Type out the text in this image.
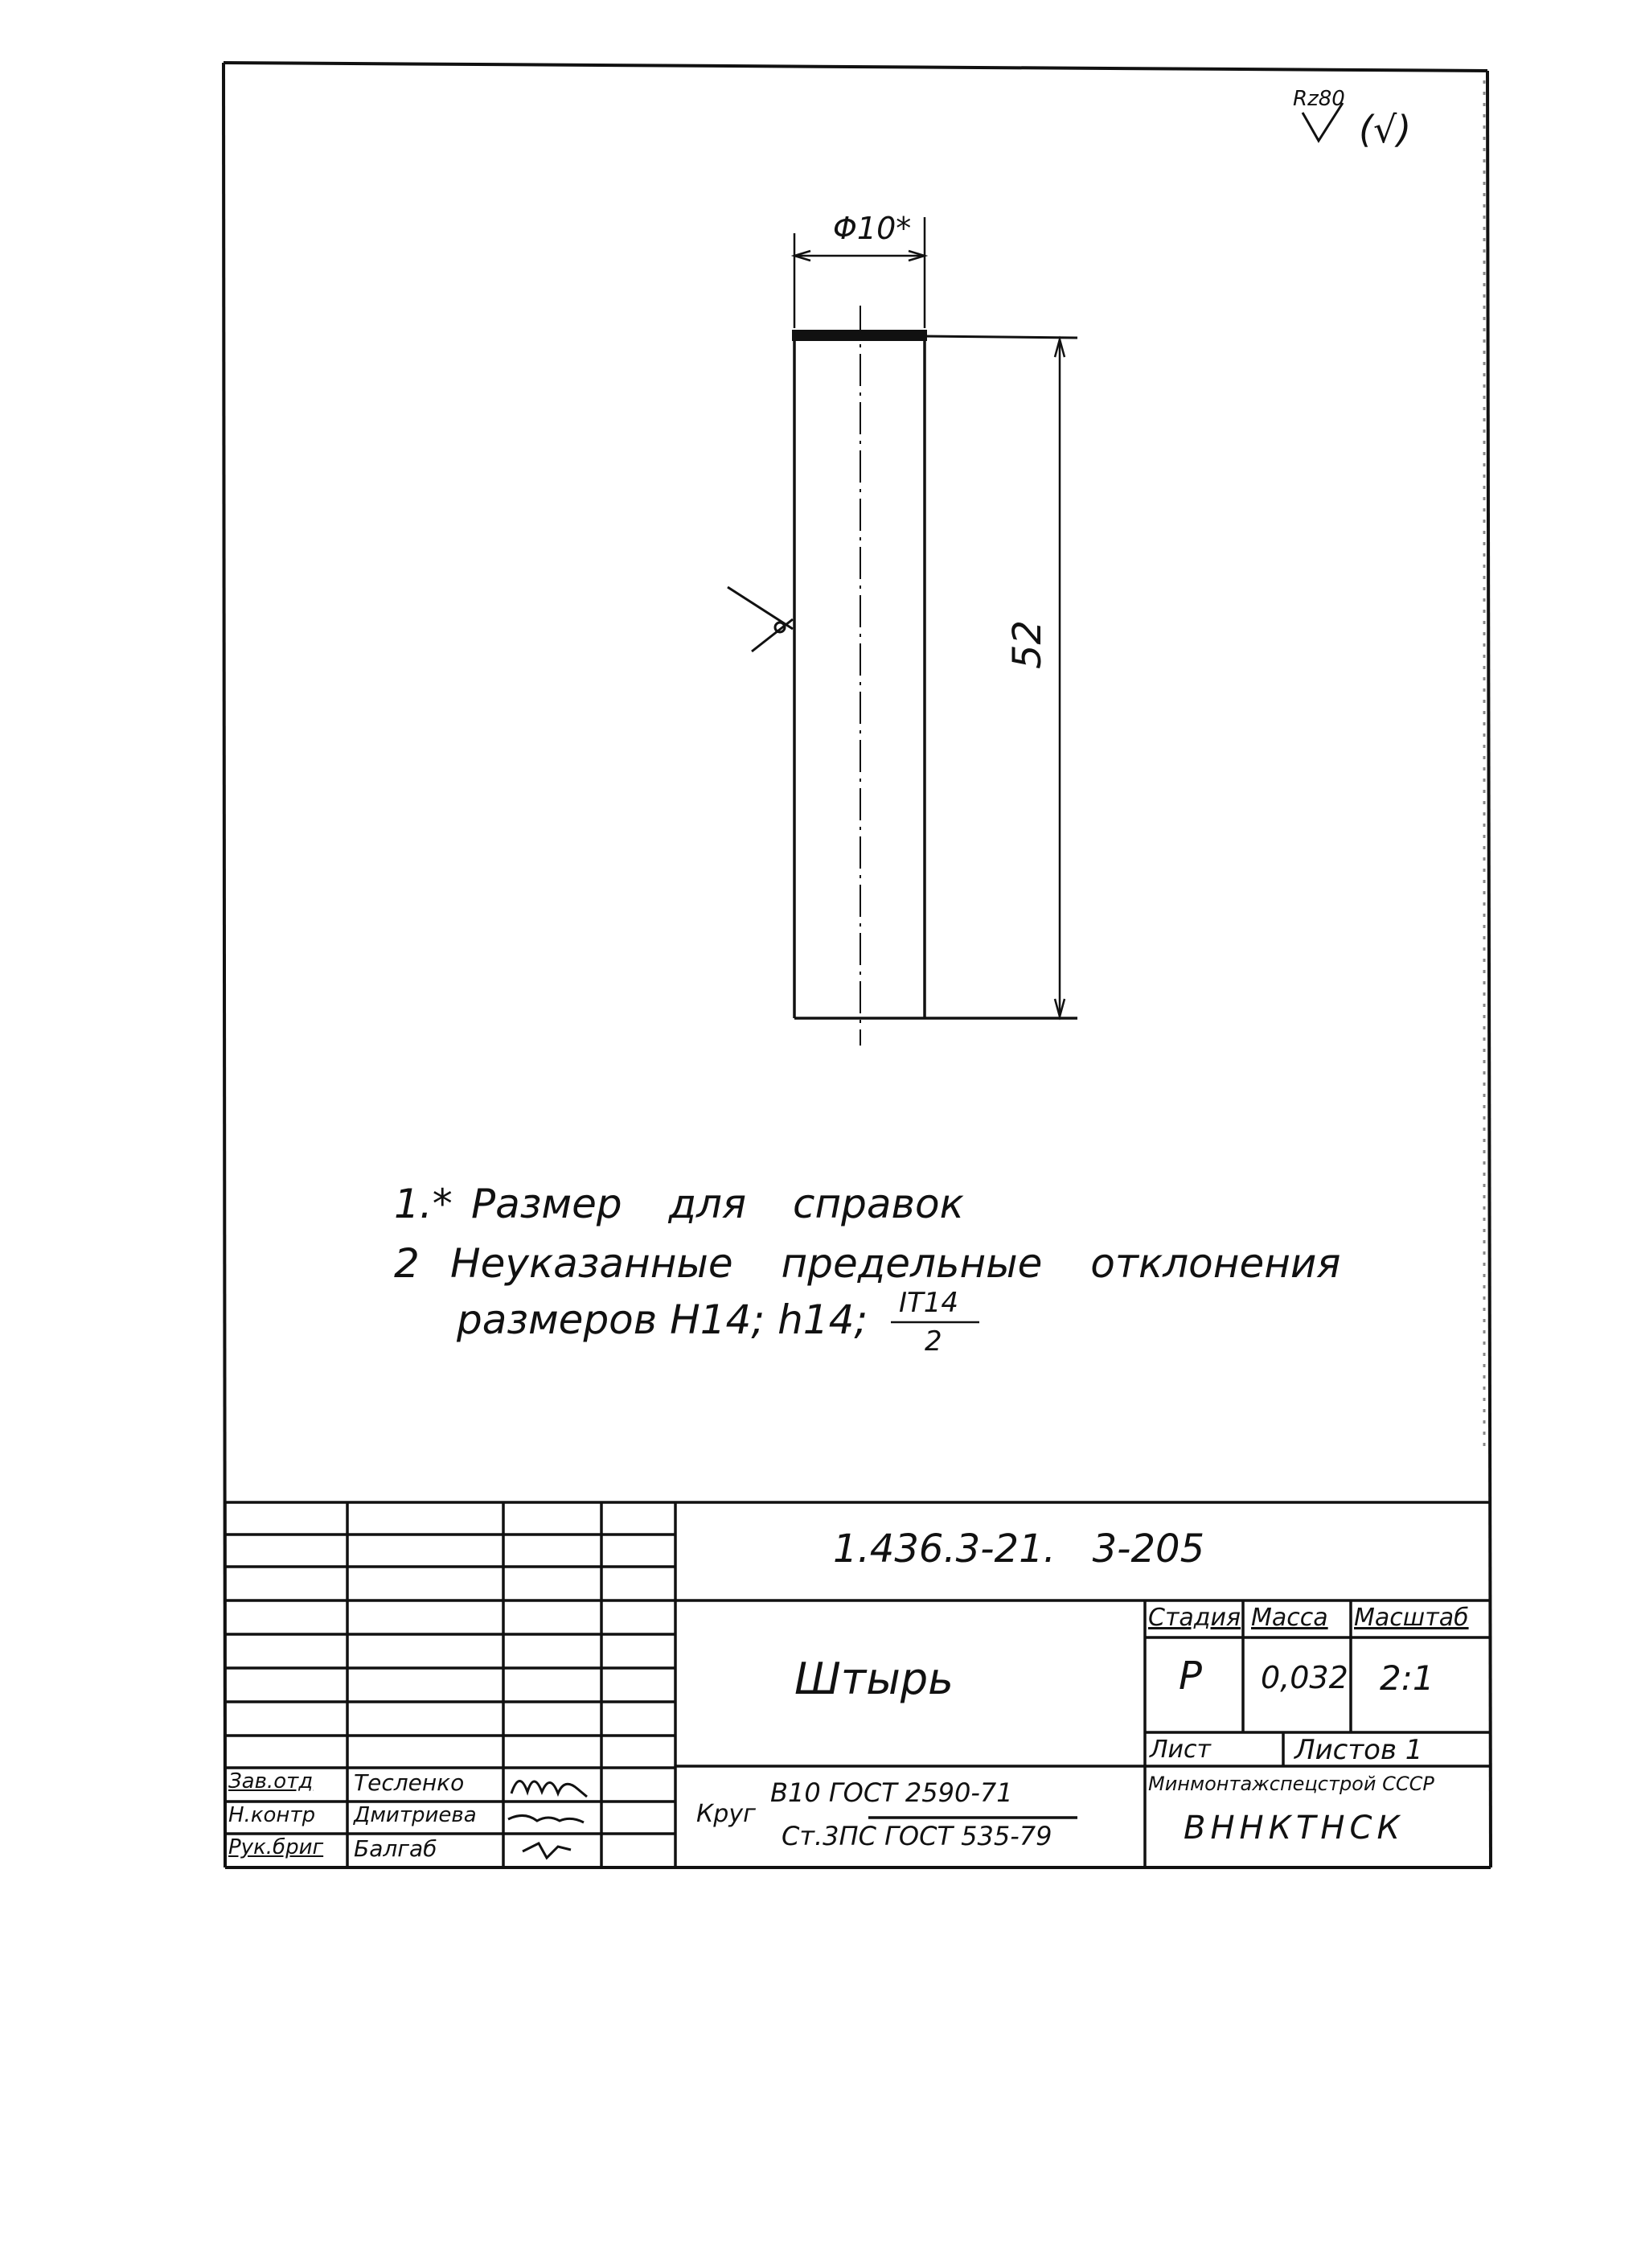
Rz80
(√)
Φ10*
52
1.* Размер для справок
2 Неуказанные предельные отклонения
размеров Н14; h14; IT14
2
1.436.3-21.   3-205
Штырь
Стадия Масса Масштаб
Р 0,032 2:1
Лист	Листов 1
Круг
В10 ГОСТ 2590-71
Ст.3ПС ГОСТ 535-79
Минмонтажспецстрой СССР
ВННКТНСК
Зав.отд Тесленко
Н.контр Дмитриева
Рук.бриг Балгаб
